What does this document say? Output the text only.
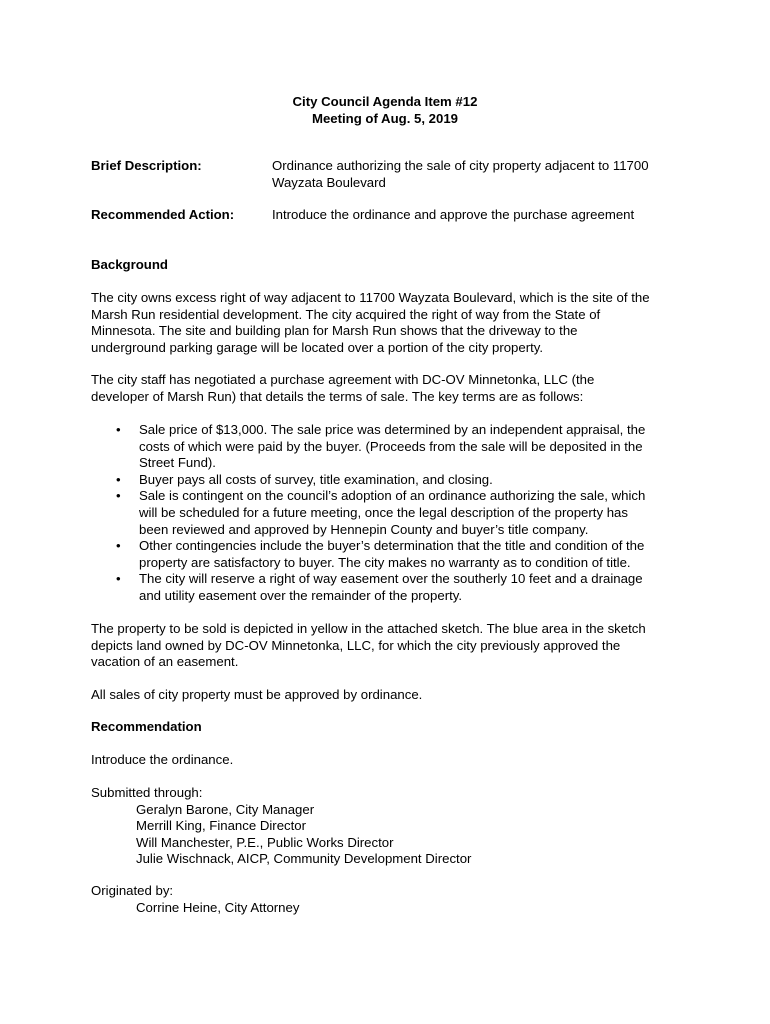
City Council Agenda Item #12
Meeting of Aug. 5, 2019
Brief Description:	Ordinance authorizing the sale of city property adjacent to 11700
Wayzata Boulevard
Recommended Action:	Introduce the ordinance and approve the purchase agreement
Background
The city owns excess right of way adjacent to 11700 Wayzata Boulevard, which is the site of the
Marsh Run residential development. The city acquired the right of way from the State of
Minnesota. The site and building plan for Marsh Run shows that the driveway to the
underground parking garage will be located over a portion of the city property.
The city staff has negotiated a purchase agreement with DC-OV Minnetonka, LLC (the
developer of Marsh Run) that details the terms of sale. The key terms are as follows:
• Sale price of $13,000. The sale price was determined by an independent appraisal, the
costs of which were paid by the buyer. (Proceeds from the sale will be deposited in the
Street Fund).
• Buyer pays all costs of survey, title examination, and closing.
• Sale is contingent on the council’s adoption of an ordinance authorizing the sale, which
will be scheduled for a future meeting, once the legal description of the property has
been reviewed and approved by Hennepin County and buyer’s title company.
• Other contingencies include the buyer’s determination that the title and condition of the
property are satisfactory to buyer. The city makes no warranty as to condition of title.
• The city will reserve a right of way easement over the southerly 10 feet and a drainage
and utility easement over the remainder of the property.
The property to be sold is depicted in yellow in the attached sketch. The blue area in the sketch
depicts land owned by DC-OV Minnetonka, LLC, for which the city previously approved the
vacation of an easement.
All sales of city property must be approved by ordinance.
Recommendation
Introduce the ordinance.
Submitted through:
Geralyn Barone, City Manager
Merrill King, Finance Director
Will Manchester, P.E., Public Works Director
Julie Wischnack, AICP, Community Development Director
Originated by:
Corrine Heine, City Attorney
